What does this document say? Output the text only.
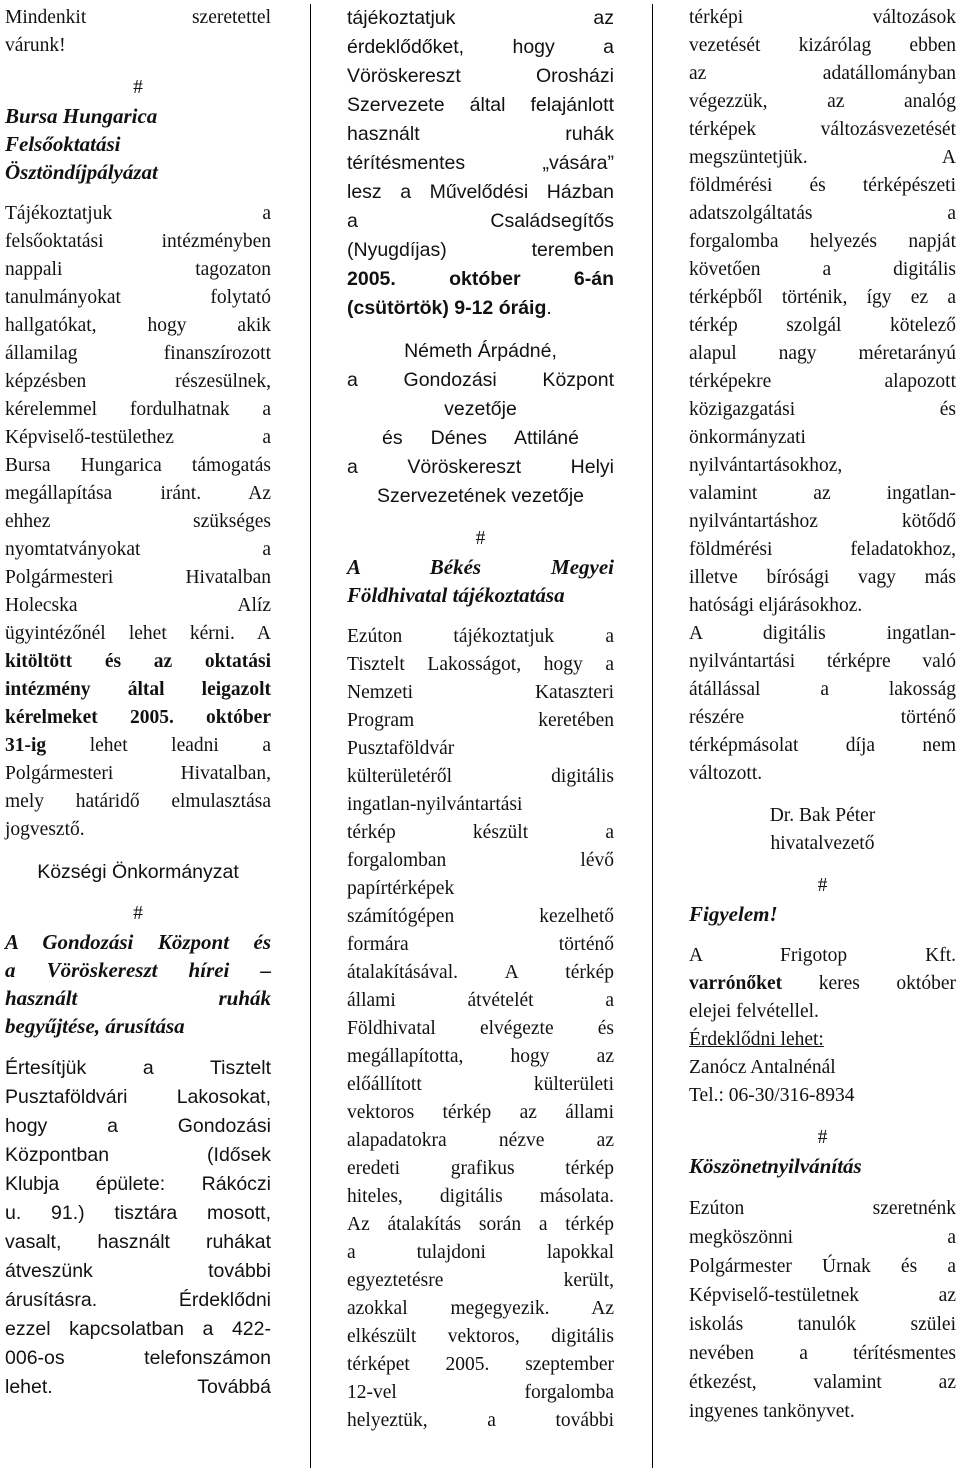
Mindenkit szeretettel

várunk!

#

Bursa Hungarica

Felsőoktatási

Ösztöndíjpályázat

Tájékoztatjuk a

felsőoktatási intézményben

nappali tagozaton

tanulmányokat folytató

hallgatókat, hogy akik

államilag finanszírozott

képzésben részesülnek,

kérelemmel fordulhatnak a

Képviselő-testülethez a

Bursa Hungarica támogatás

megállapítása iránt. Az

ehhez szükséges

nyomtatványokat a

Polgármesteri Hivatalban

Holecska Alíz

ügyintézőnél lehet kérni. A

kitöltött és az oktatási

intézmény által leigazolt

kérelmeket 2005. október

31-ig lehet leadni a

Polgármesteri Hivatalban,

mely határidő elmulasztása

jogvesztő.

Községi Önkormányzat

#

A Gondozási Központ és

a Vöröskereszt hírei –

használt ruhák

begyűjtése, árusítása

Értesítjük a Tisztelt

Pusztaföldvári Lakosokat,

hogy a Gondozási

Központban (Idősek

Klubja épülete: Rákóczi

u. 91.) tisztára mosott,

vasalt, használt ruhákat

átveszünk további

árusításra. Érdeklődni

ezzel kapcsolatban a 422-

006-os telefonszámon

lehet. Továbbá

tájékoztatjuk az

érdeklődőket, hogy a

Vöröskereszt Orosházi

Szervezete által felajánlott

használt ruhák

térítésmentes „vására”

lesz a Művelődési Házban

a Családsegítős

(Nyugdíjas) teremben

2005. október 6-án

(csütörtök) 9-12 óráig.

Németh Árpádné,

a Gondozási Központ

vezetője

és Dénes Attiláné

a Vöröskereszt Helyi

Szervezetének vezetője

#

A Békés Megyei

Földhivatal tájékoztatása

Ezúton tájékoztatjuk a

Tisztelt Lakosságot, hogy a

Nemzeti Kataszteri

Program keretében

Pusztaföldvár

külterületéről digitális

ingatlan-nyilvántartási

térkép készült a

forgalomban lévő

papírtérképek

számítógépen kezelhető

formára történő

átalakításával. A térkép

állami átvételét a

Földhivatal elvégezte és

megállapította, hogy az

előállított külterületi

vektoros térkép az állami

alapadatokra nézve az

eredeti grafikus térkép

hiteles, digitális másolata.

Az átalakítás során a térkép

a tulajdoni lapokkal

egyeztetésre került,

azokkal megegyezik. Az

elkészült vektoros, digitális

térképet 2005. szeptember

12-vel forgalomba

helyeztük, a további

térképi változások

vezetését kizárólag ebben

az adatállományban

végezzük, az analóg

térképek változásvezetését

megszüntetjük. A

földmérési és térképészeti

adatszolgáltatás a

forgalomba helyezés napját

követően a digitális

térképből történik, így ez a

térkép szolgál kötelező

alapul nagy méretarányú

térképekre alapozott

közigazgatási és

önkormányzati

nyilvántartásokhoz,

valamint az ingatlan-

nyilvántartáshoz kötődő

földmérési feladatokhoz,

illetve bírósági vagy más

hatósági eljárásokhoz.

A digitális ingatlan-

nyilvántartási térképre való

átállással a lakosság

részére történő

térképmásolat díja nem

változott.

Dr. Bak Péter

hivatalvezető

#

Figyelem!

A Frigotop Kft.

varrónőket keres október

elejei felvétellel.

Érdeklődni lehet:

Zanócz Antalnénál

Tel.: 06-30/316-8934

#

Köszönetnyilvánítás

Ezúton szeretnénk

megköszönni a

Polgármester Úrnak és a

Képviselő-testületnek az

iskolás tanulók szülei

nevében a térítésmentes

étkezést, valamint az

ingyenes tankönyvet.
